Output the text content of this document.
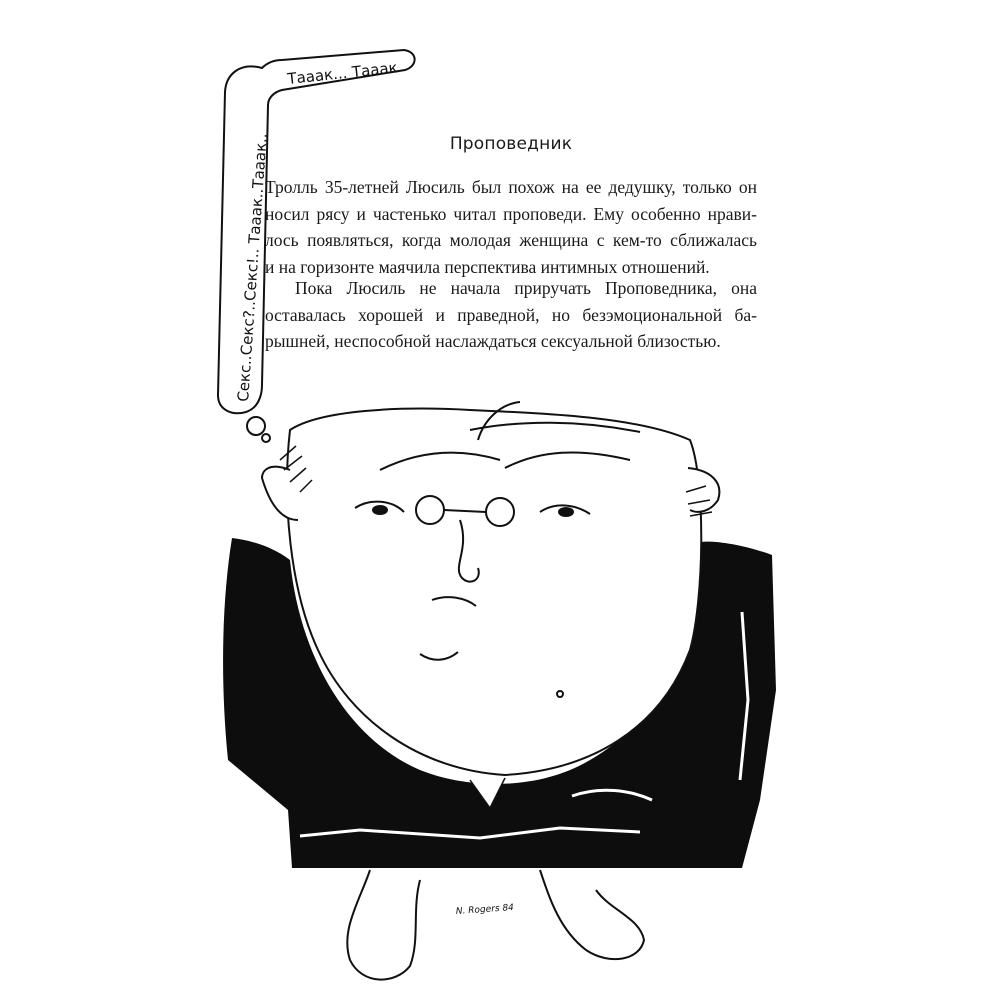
Секс..Секс?..Секс!.. Тааак..Тааак..
Тааак... Тааак
N. Rogers 84
Проповедник
Тролль 35-летней Люсиль был похож на ее дедушку, только он
носил рясу и частенько читал проповеди. Ему особенно нрави-
лось появляться, когда молодая женщина с кем-то сближалась
и на горизонте маячила перспектива интимных отношений.
Пока Люсиль не начала приручать Проповедника, она
оставалась хорошей и праведной, но безэмоциональной ба-
рышней, неспособной наслаждаться сексуальной близостью.
